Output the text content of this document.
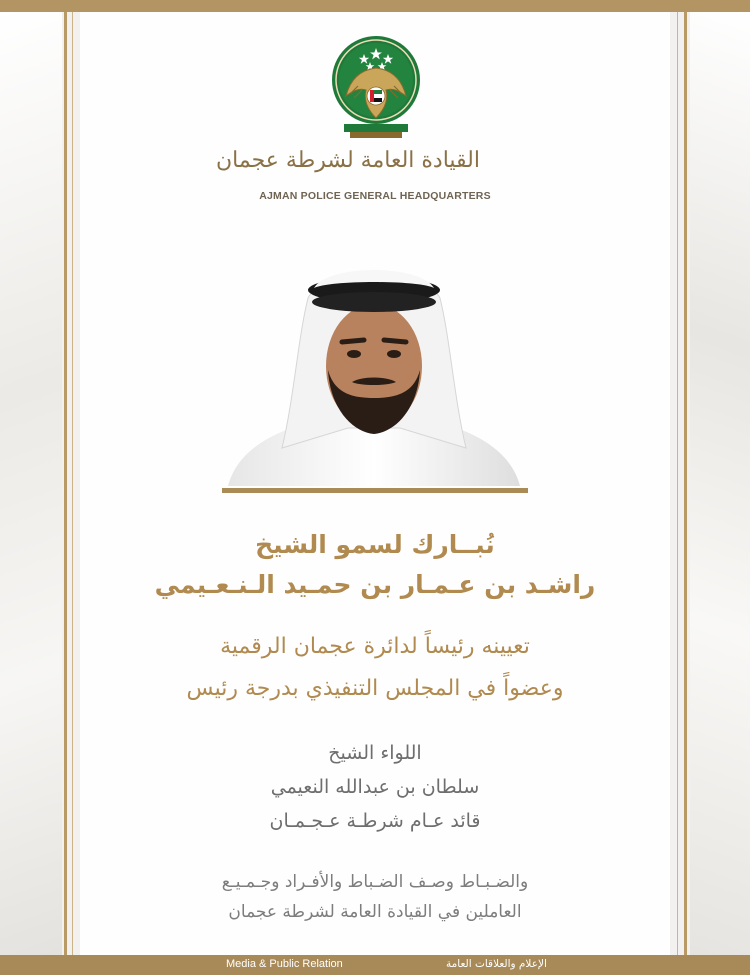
القيادة العامة لشرطة عجمان
AJMAN POLICE GENERAL HEADQUARTERS
نُبــارك لسمو الشيخ
راشـد بن عـمـار بن حمـيد الـنـعـيمي
تعيينه رئيساً لدائرة عجمان الرقمية
وعضواً في المجلس التنفيذي بدرجة رئيس
اللواء الشيخ
سلطان بن عبدالله النعيمي
قائد عـام شرطـة عـجـمـان
والضـبـاط وصـف الضـباط والأفـراد وجـمـيـع
العاملين في القيادة العامة لشرطة عجمان
Media & Public Relation	الإعلام والعلاقات العامة
